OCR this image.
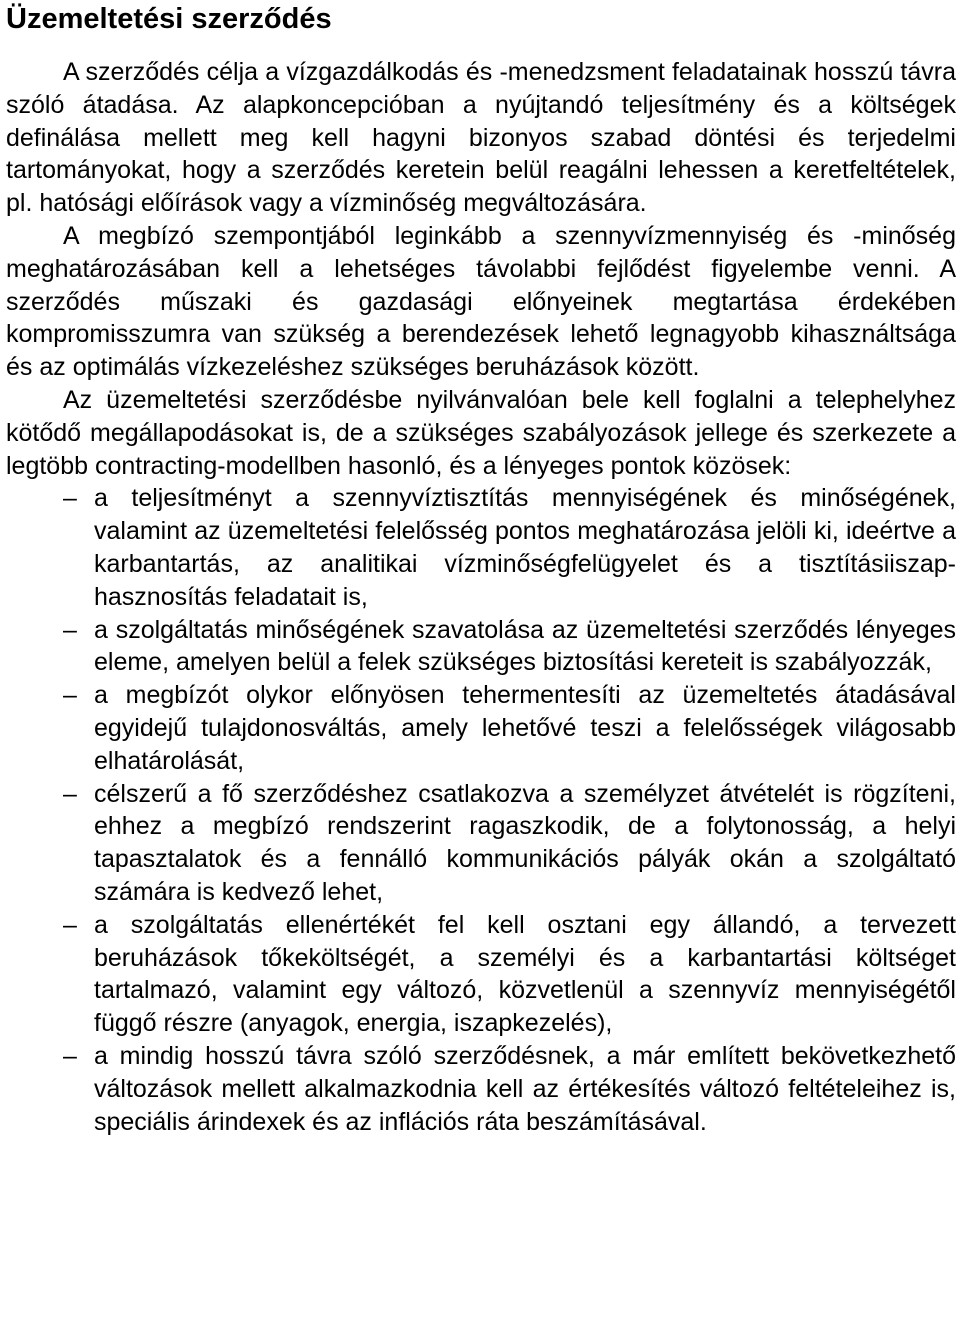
Üzemeltetési szerződés

A szerződés célja a vízgazdálkodás és -menedzsment feladatainak hosszú távra szóló átadása. Az alapkoncepcióban a nyújtandó teljesítmény és a költségek definálása mellett meg kell hagyni bizonyos szabad döntési és terjedelmi tartományokat, hogy a szerződés keretein belül reagálni lehessen a keretfeltételek, pl. hatósági előírások vagy a vízminőség megváltozására.

A megbízó szempontjából leginkább a szennyvízmennyiség és -minőség meghatározásában kell a lehetséges távolabbi fejlődést figyelembe venni. A szerződés műszaki és gazdasági előnyeinek megtartása érdekében kompromisszumra van szükség a berendezések lehető legnagyobb kihasználtsága és az optimálás vízkezeléshez szükséges beruházások között.

Az üzemeltetési szerződésbe nyilvánvalóan bele kell foglalni a telephelyhez kötődő megállapodásokat is, de a szükséges szabályozások jellege és szerkezete a legtöbb contracting-modellben hasonló, és a lényeges pontok közösek:

– a teljesítményt a szennyvíztisztítás mennyiségének és minőségének, valamint az üzemeltetési felelősség pontos meghatározása jelöli ki, ideértve a karbantartás, az analitikai vízminőségfelügyelet és a tisztításiiszap-hasznosítás feladatait is,
– a szolgáltatás minőségének szavatolása az üzemeltetési szerződés lényeges eleme, amelyen belül a felek szükséges biztosítási kereteit is szabályozzák,
– a megbízót olykor előnyösen tehermentesíti az üzemeltetés átadásával egyidejű tulajdonosváltás, amely lehetővé teszi a felelősségek világosabb elhatárolását,
– célszerű a fő szerződéshez csatlakozva a személyzet átvételét is rögzíteni, ehhez a megbízó rendszerint ragaszkodik, de a folytonosság, a helyi tapasztalatok és a fennálló kommunikációs pályák okán a szolgáltató számára is kedvező lehet,
– a szolgáltatás ellenértékét fel kell osztani egy állandó, a tervezett beruházások tőkeköltségét, a személyi és a karbantartási költséget tartalmazó, valamint egy változó, közvetlenül a szennyvíz mennyiségétől függő részre (anyagok, energia, iszapkezelés),
– a mindig hosszú távra szóló szerződésnek, a már említett bekövetkezhető változások mellett alkalmazkodnia kell az értékesítés változó feltételeihez is, speciális árindexek és az inflációs ráta beszámításával.
